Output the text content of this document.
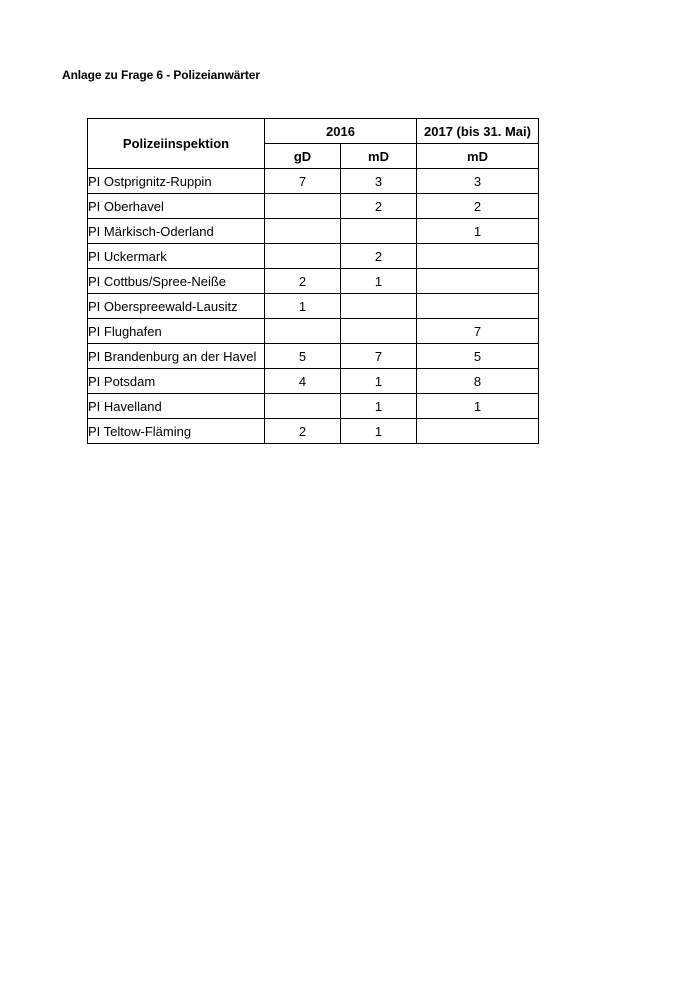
Anlage zu Frage 6 - Polizeianwärter
Polizeiinspektion	2016		2017 (bis 31. Mai)
	gD	mD	mD
PI Ostprignitz-Ruppin	7	3	3
PI Oberhavel		2	2
PI Märkisch-Oderland			1
PI Uckermark		2	
PI Cottbus/Spree-Neiße	2	1	
PI Oberspreewald-Lausitz	1		
PI Flughafen			7
PI Brandenburg an der Havel	5	7	5
PI Potsdam	4	1	8
PI Havelland		1	1
PI Teltow-Fläming	2	1	
